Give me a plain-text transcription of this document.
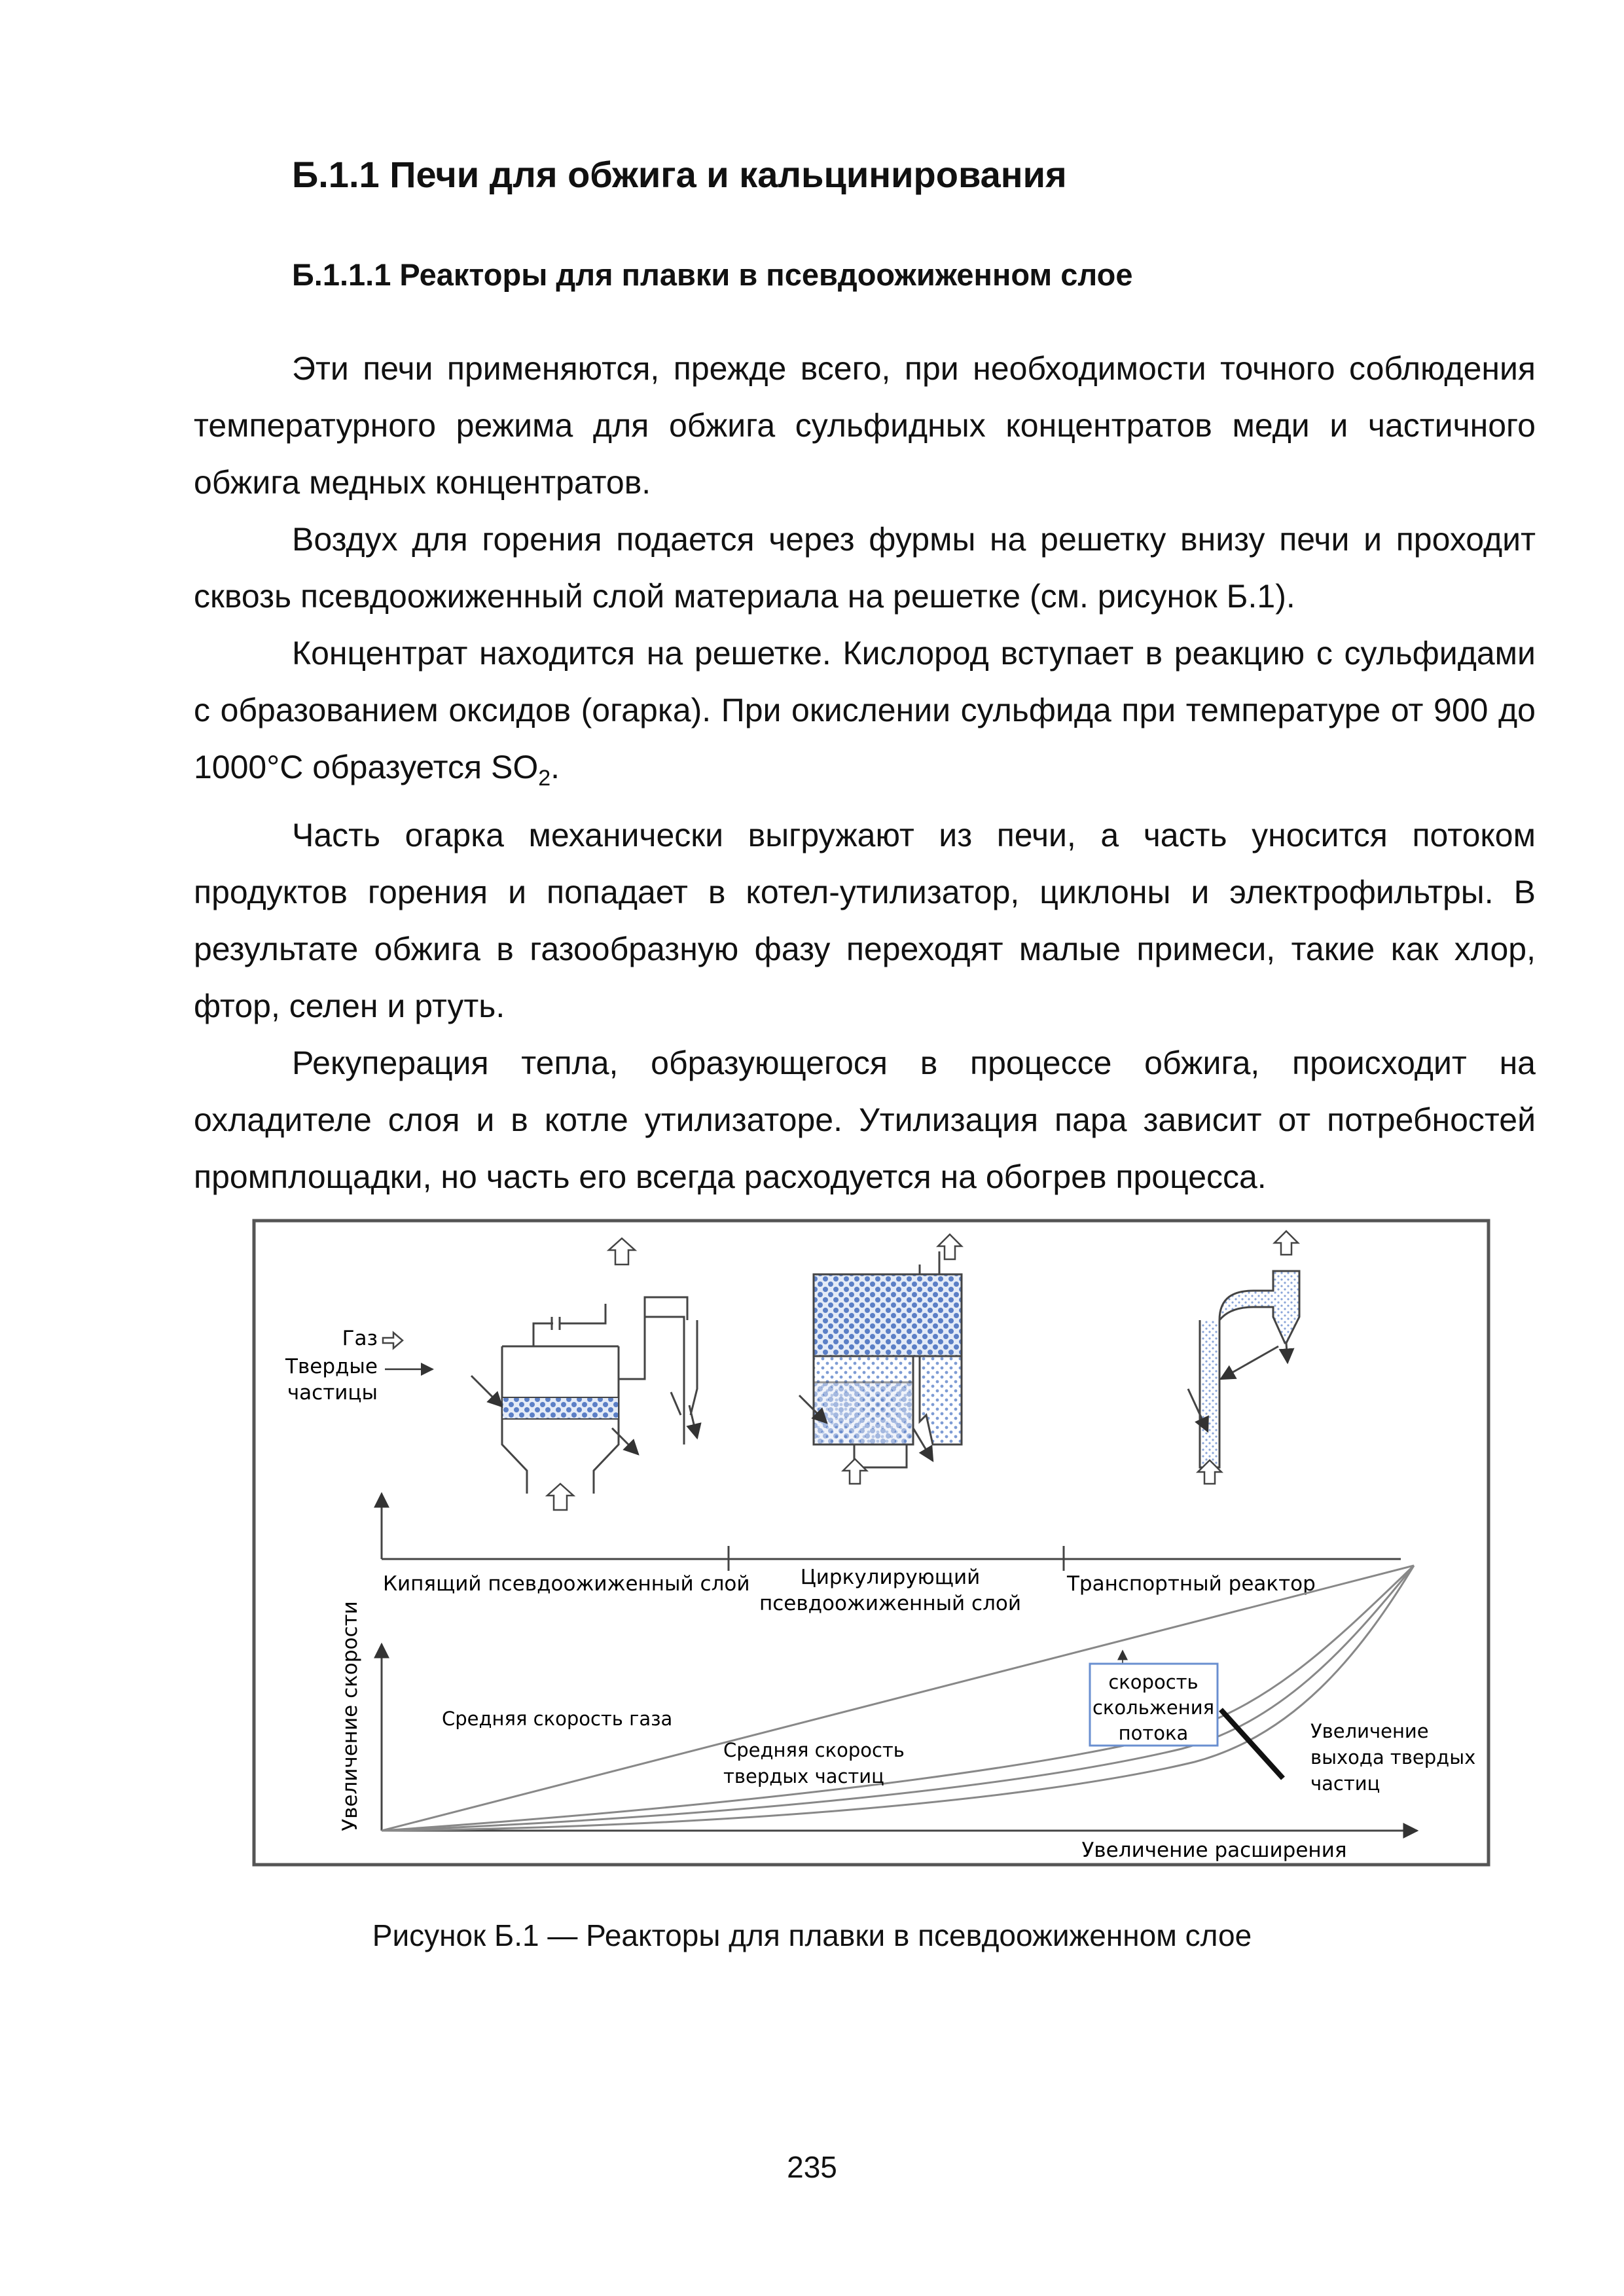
Б.1.1 Печи для обжига и кальцинирования
Б.1.1.1 Реакторы для плавки в псевдоожиженном слое

Эти печи применяются, прежде всего, при необходимости точного соблюдения температурного режима для обжига сульфидных концентратов меди и частичного обжига медных концентратов.

Воздух для горения подается через фурмы на решетку внизу печи и проходит сквозь псевдоожиженный слой материала на решетке (см. рисунок Б.1).

Концентрат находится на решетке. Кислород вступает в реакцию с сульфидами с образованием оксидов (огарка). При окислении сульфида при температуре от 900 до 1000°С образуется $SO_2$.

Часть огарка механически выгружают из печи, а часть уносится потоком продуктов горения и попадает в котел-утилизатор, циклоны и электрофильтры. В результате обжига в газообразную фазу переходят малые примеси, такие как хлор, фтор, селен и ртуть.

Рекуперация тепла, образующегося в процессе обжига, происходит на охладителе слоя и в котле утилизаторе. Утилизация пара зависит от потребностей промплощадки, но часть его всегда расходуется на обогрев процесса.

Газ
Твердые
частицы
Кипящий псевдоожиженный слой Циркулирующий
псевдоожиженный слой
Транспортный реактор
Увеличение скорости
Увеличение расширения
скорость
скольжения
потока
Средняя скорость газа
Средняя скорость
твердых частиц
Увеличение
выхода твердых
частиц
Рисунок Б.1 — Реакторы для плавки в псевдоожиженном слое
235
